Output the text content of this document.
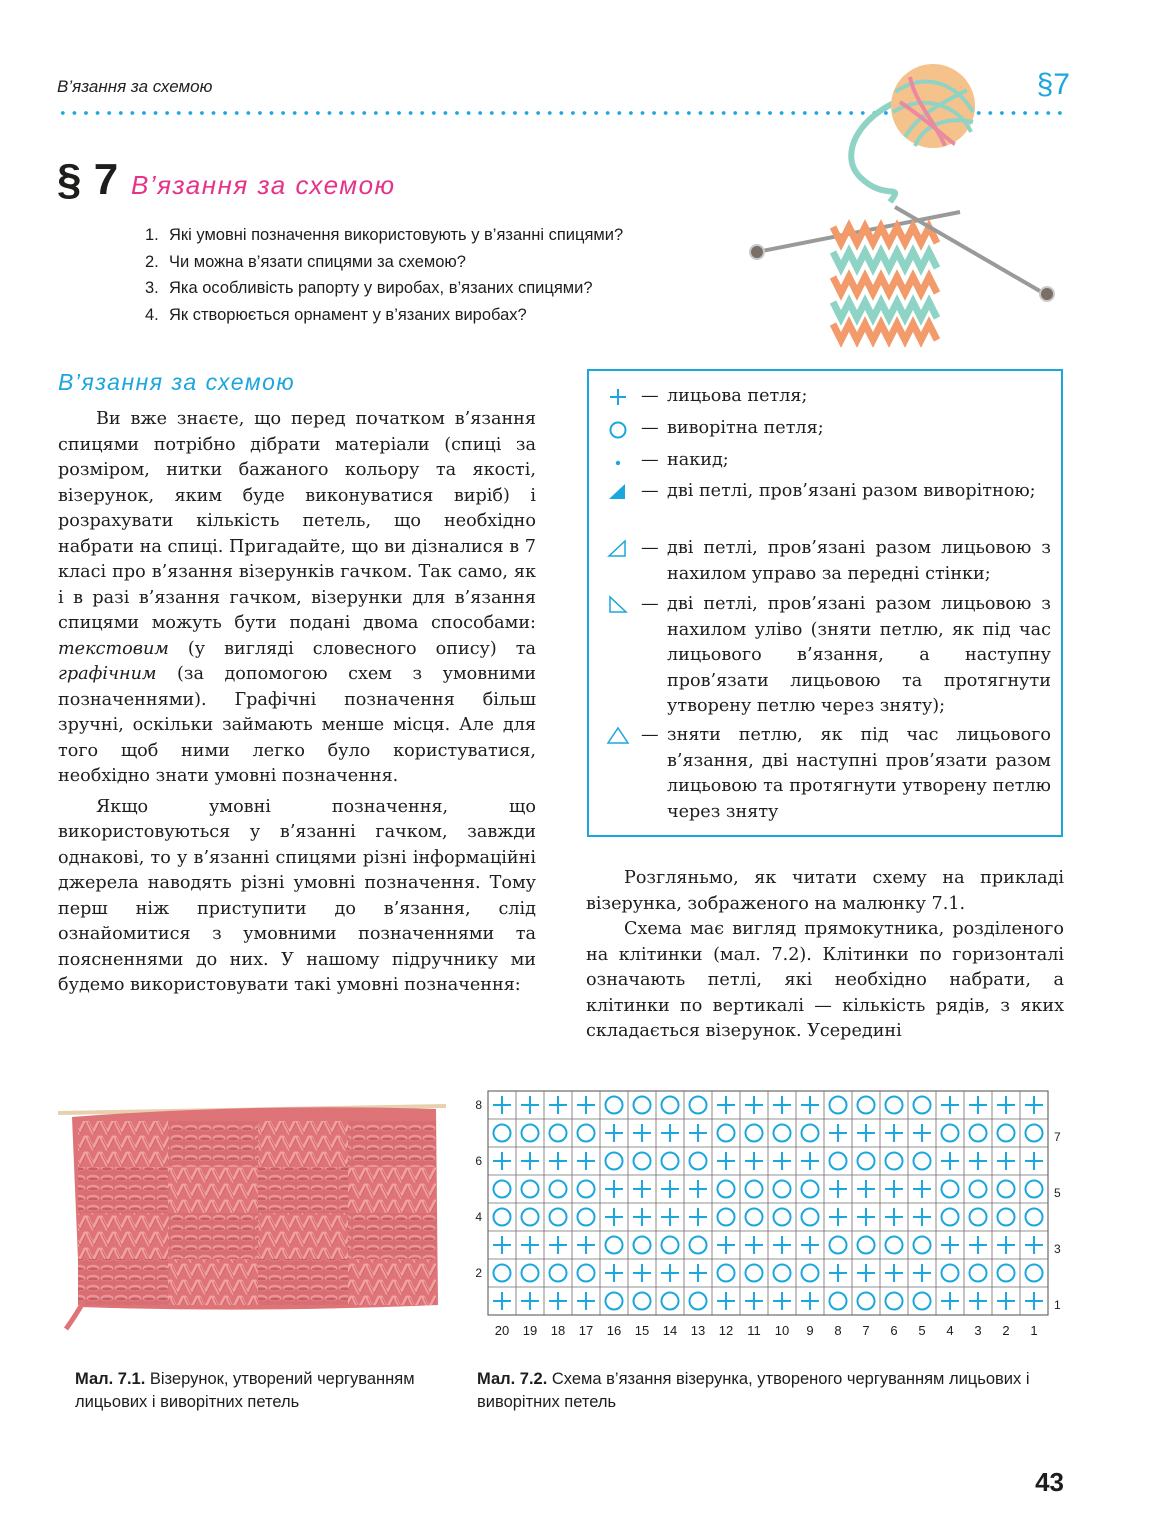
В’язання за схемою	§7
§ 7 В’язання за схемою
1. Які умовні позначення використовують у в’язанні спицями?
2. Чи можна в’язати спицями за схемою?
3. Яка особливість рапорту у виробах, в’язаних спицями?
4. Як створюється орнамент у в’язаних виробах?
В’язання за схемою

Ви вже знаєте, що перед початком в’язання спицями потрібно дібрати матеріали (спиці за розміром, нитки бажаного кольору та якості, візерунок, яким буде виконуватися виріб) і розрахувати кількість петель, що необхідно набрати на спиці. Пригадайте, що ви дізналися в 7 класі про в’язання візерунків гачком. Так само, як і в разі в’язання гачком, візерунки для в’язання спицями можуть бути подані двома способами: текстовим (у вигляді словесного опису) та графічним (за допомогою схем з умовними позначеннями). Графічні позначення більш зручні, оскільки займають менше місця. Але для того щоб ними легко було користуватися, необхідно знати умовні позначення.

Якщо умовні позначення, що використовуються у в’язанні гачком, завжди однакові, то у в’язанні спицями різні інформаційні джерела наводять різні умовні позначення. Тому перш ніж приступити до в’язання, слід ознайомитися з умовними позначеннями та поясненнями до них. У нашому підручнику ми будемо використовувати такі умовні позначення:

— лицьова петля;
— виворітна петля;
— накид;
— дві петлі, пров’язані разом виворітною;
— дві петлі, пров’язані разом лицьовою з нахилом управо за передні стінки;
— дві петлі, пров’язані разом лицьовою з нахилом уліво (зняти петлю, як під час лицьового в’язання, а наступну пров’язати лицьовою та протягнути утворену петлю через зняту);
— зняти петлю, як під час лицьового в’язання, дві наступні пров’язати разом лицьовою та протягнути утворену петлю через зняту

Розгляньмо, як читати схему на прикладі візерунка, зображеного на малюнку 7.1.

Схема має вигляд прямокутника, розділеного на клітинки (мал. 7.2). Клітинки по горизонталі означають петлі, які необхідно набрати, а клітинки по вертикалі — кількість рядів, з яких складається візерунок. Усередині

20 19 18 17 16 15 14 13 12 11 10 9 8 7 6 5 4 3 2 1
8
6
4
2
7
5
3
1
Мал. 7.1. Візерунок, утворений чергуванням лицьових і виворітних петель
Мал. 7.2. Схема в’язання візерунка, утвореного чергуванням лицьових і виворітних петель
43
